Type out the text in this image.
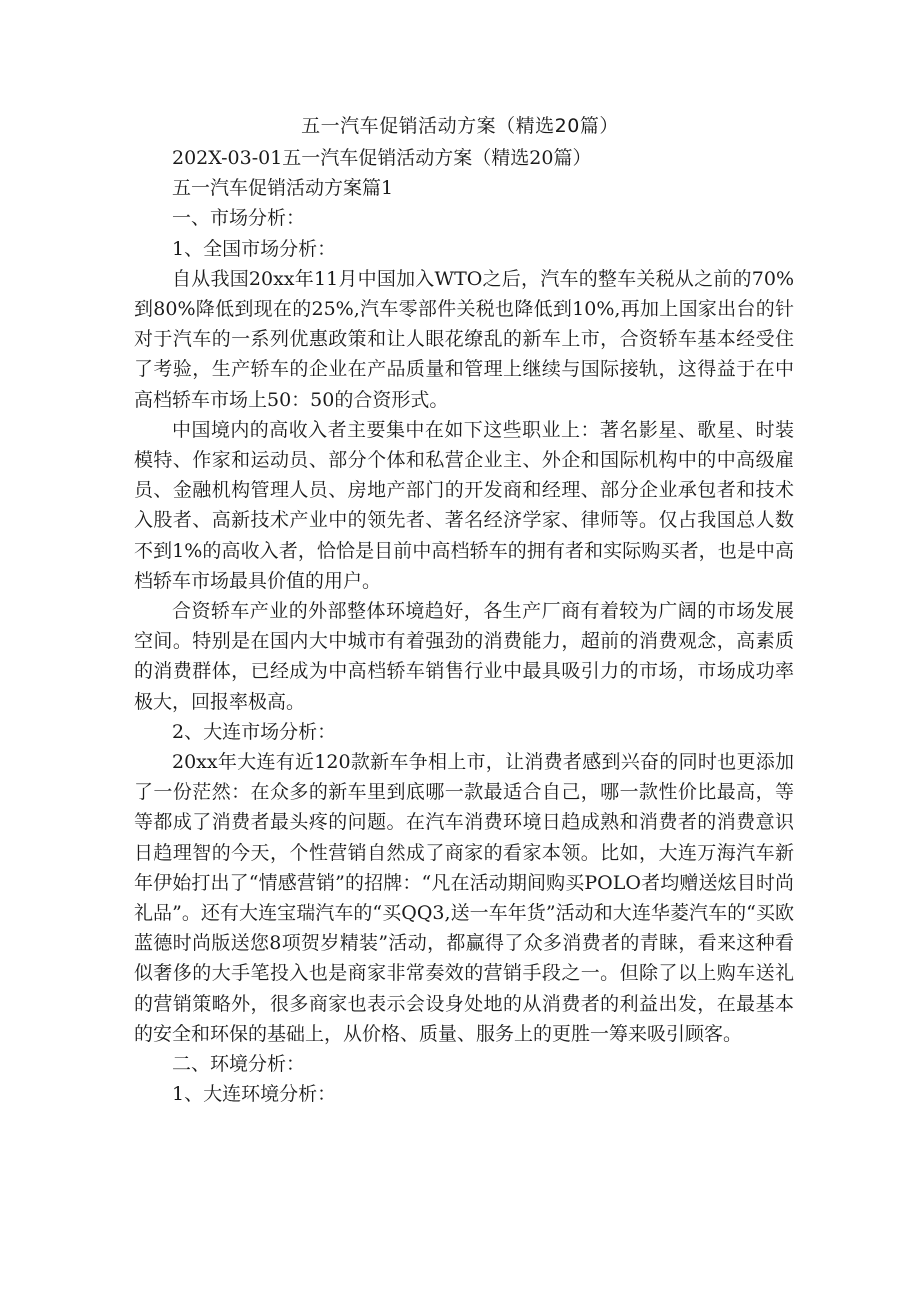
五一汽车促销活动方案（精选20篇）

202X-03-01五一汽车促销活动方案（精选20篇）

五一汽车促销活动方案篇1

一、市场分析：

1、全国市场分析：

自从我国20xx年11月中国加入WTO之后，汽车的整车关税从之前的70%到80%降低到现在的25%,汽车零部件关税也降低到10%,再加上国家出台的针对于汽车的一系列优惠政策和让人眼花缭乱的新车上市，合资轿车基本经受住了考验，生产轿车的企业在产品质量和管理上继续与国际接轨，这得益于在中高档轿车市场上50：50的合资形式。

中国境内的高收入者主要集中在如下这些职业上：著名影星、歌星、时装模特、作家和运动员、部分个体和私营企业主、外企和国际机构中的中高级雇员、金融机构管理人员、房地产部门的开发商和经理、部分企业承包者和技术入股者、高新技术产业中的领先者、著名经济学家、律师等。仅占我国总人数不到1%的高收入者，恰恰是目前中高档轿车的拥有者和实际购买者，也是中高档轿车市场最具价值的用户。

合资轿车产业的外部整体环境趋好，各生产厂商有着较为广阔的市场发展空间。特别是在国内大中城市有着强劲的消费能力，超前的消费观念，高素质的消费群体，已经成为中高档轿车销售行业中最具吸引力的市场，市场成功率极大，回报率极高。

2、大连市场分析：

20xx年大连有近120款新车争相上市，让消费者感到兴奋的同时也更添加了一份茫然：在众多的新车里到底哪一款最适合自己，哪一款性价比最高，等等都成了消费者最头疼的问题。在汽车消费环境日趋成熟和消费者的消费意识日趋理智的今天，个性营销自然成了商家的看家本领。比如，大连万海汽车新年伊始打出了“情感营销”的招牌：“凡在活动期间购买POLO者均赠送炫目时尚礼品”。还有大连宝瑞汽车的“买QQ3,送一车年货”活动和大连华菱汽车的“买欧蓝德时尚版送您8项贺岁精装”活动，都赢得了众多消费者的青睐，看来这种看似奢侈的大手笔投入也是商家非常奏效的营销手段之一。但除了以上购车送礼的营销策略外，很多商家也表示会设身处地的从消费者的利益出发，在最基本的安全和环保的基础上，从价格、质量、服务上的更胜一筹来吸引顾客。

二、环境分析：

1、大连环境分析：
